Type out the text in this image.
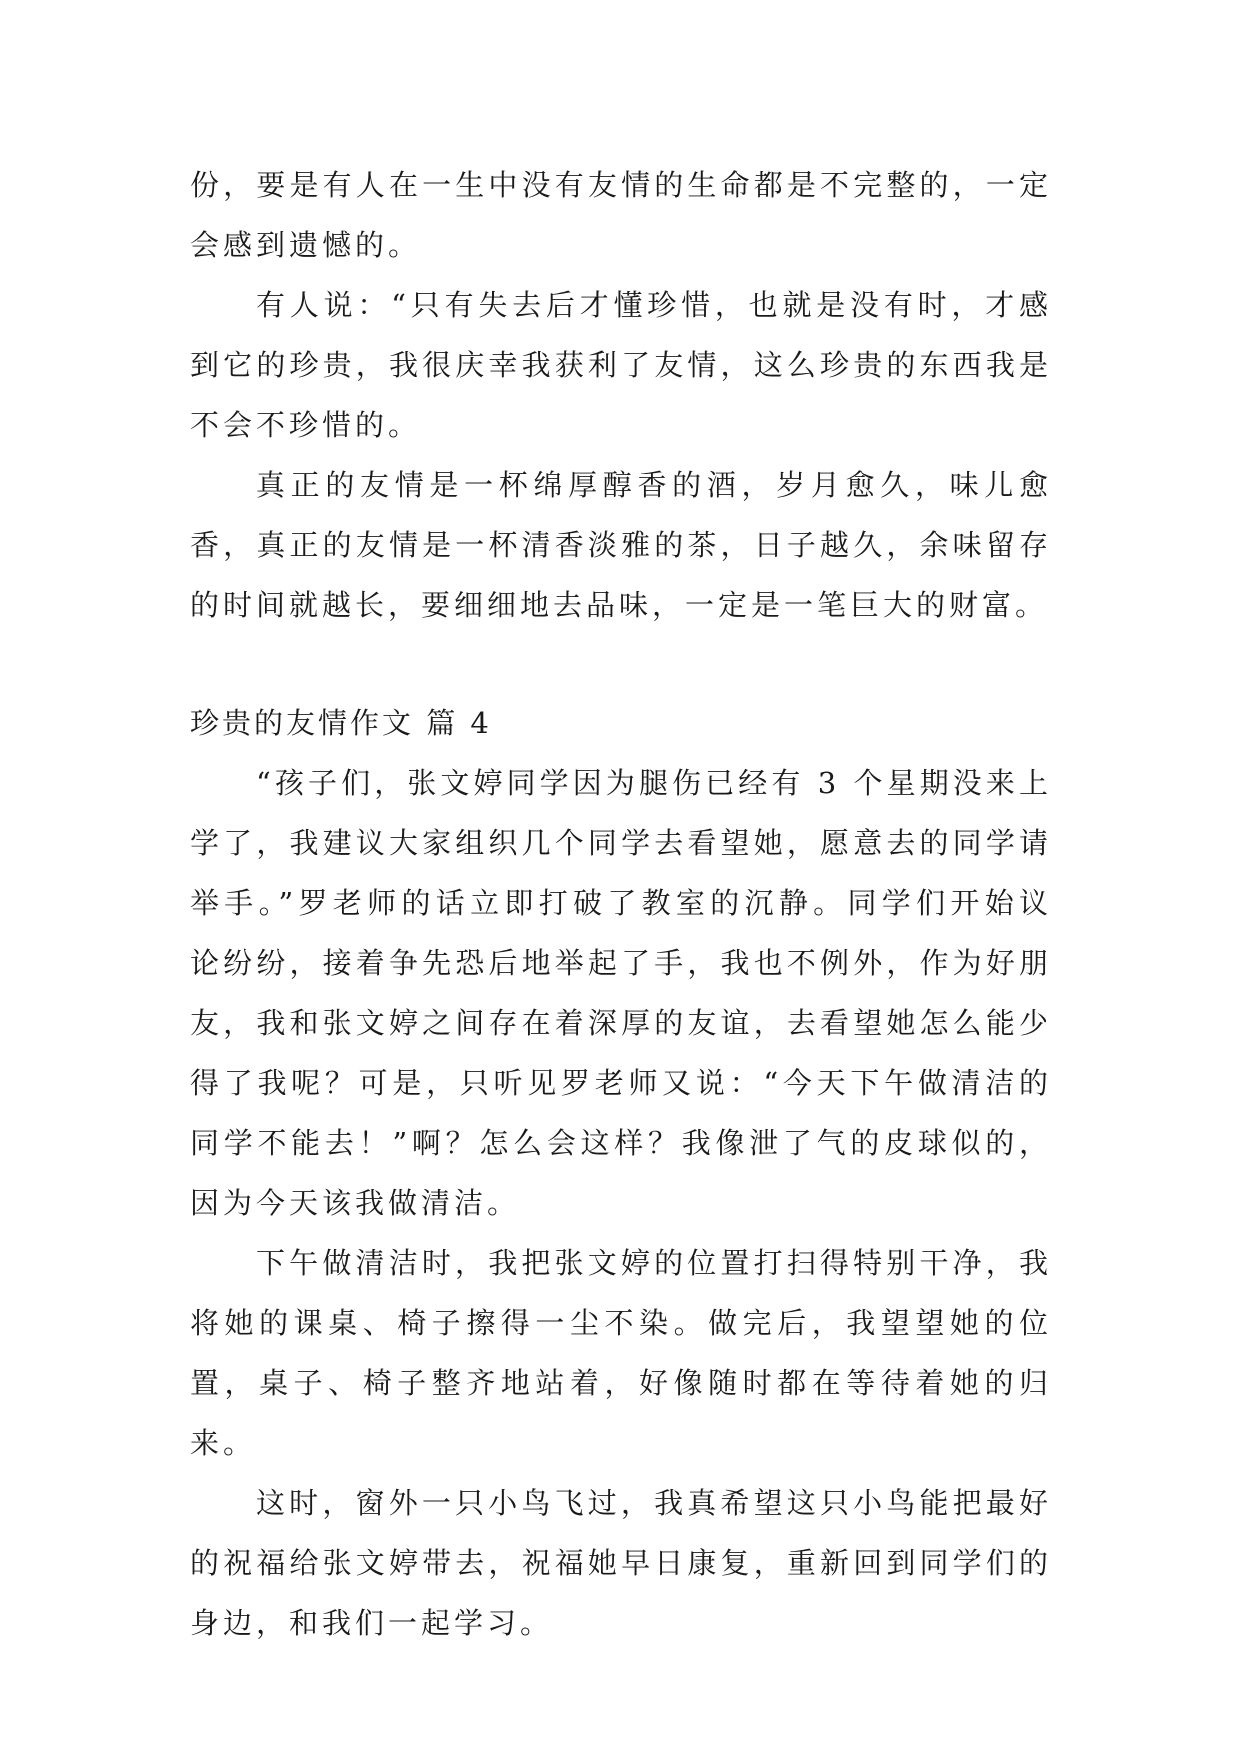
份，要是有人在一生中没有友情的生命都是不完整的，一定会感到遗憾的。

有人说：“只有失去后才懂珍惜，也就是没有时，才感到它的珍贵，我很庆幸我获利了友情，这么珍贵的东西我是不会不珍惜的。

真正的友情是一杯绵厚醇香的酒，岁月愈久，味儿愈香，真正的友情是一杯清香淡雅的茶，日子越久，余味留存的时间就越长，要细细地去品味，一定是一笔巨大的财富。

珍贵的友情作文 篇 4

“孩子们，张文婷同学因为腿伤已经有 3 个星期没来上学了，我建议大家组织几个同学去看望她，愿意去的同学请举手。”罗老师的话立即打破了教室的沉静。同学们开始议论纷纷，接着争先恐后地举起了手，我也不例外，作为好朋友，我和张文婷之间存在着深厚的友谊，去看望她怎么能少得了我呢？可是，只听见罗老师又说：“今天下午做清洁的同学不能去！”啊？怎么会这样？我像泄了气的皮球似的，因为今天该我做清洁。

下午做清洁时，我把张文婷的位置打扫得特别干净，我将她的课桌、椅子擦得一尘不染。做完后，我望望她的位置，桌子、椅子整齐地站着，好像随时都在等待着她的归来。

这时，窗外一只小鸟飞过，我真希望这只小鸟能把最好的祝福给张文婷带去，祝福她早日康复，重新回到同学们的身边，和我们一起学习。
